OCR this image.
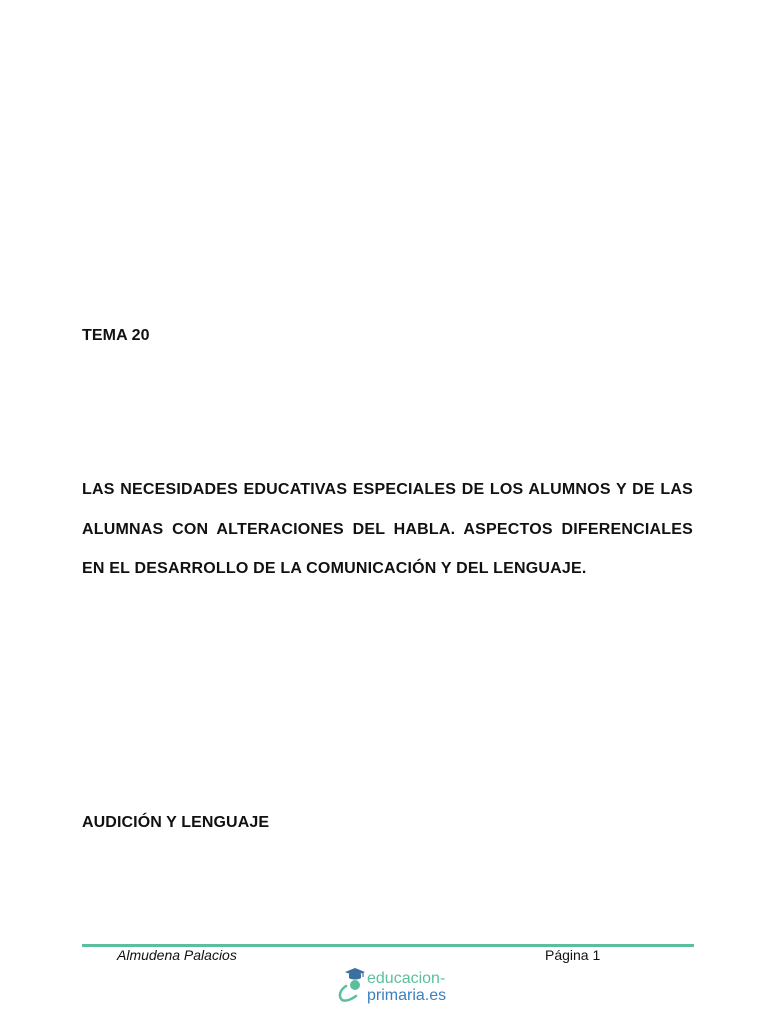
TEMA 20

LAS NECESIDADES EDUCATIVAS ESPECIALES DE LOS ALUMNOS Y DE LAS ALUMNAS CON ALTERACIONES DEL HABLA. ASPECTOS DIFERENCIALES EN EL DESARROLLO DE LA COMUNICACIÓN Y DEL LENGUAJE.

AUDICIÓN Y LENGUAJE
Almudena Palacios	Página 1
educacion-
primaria.es
